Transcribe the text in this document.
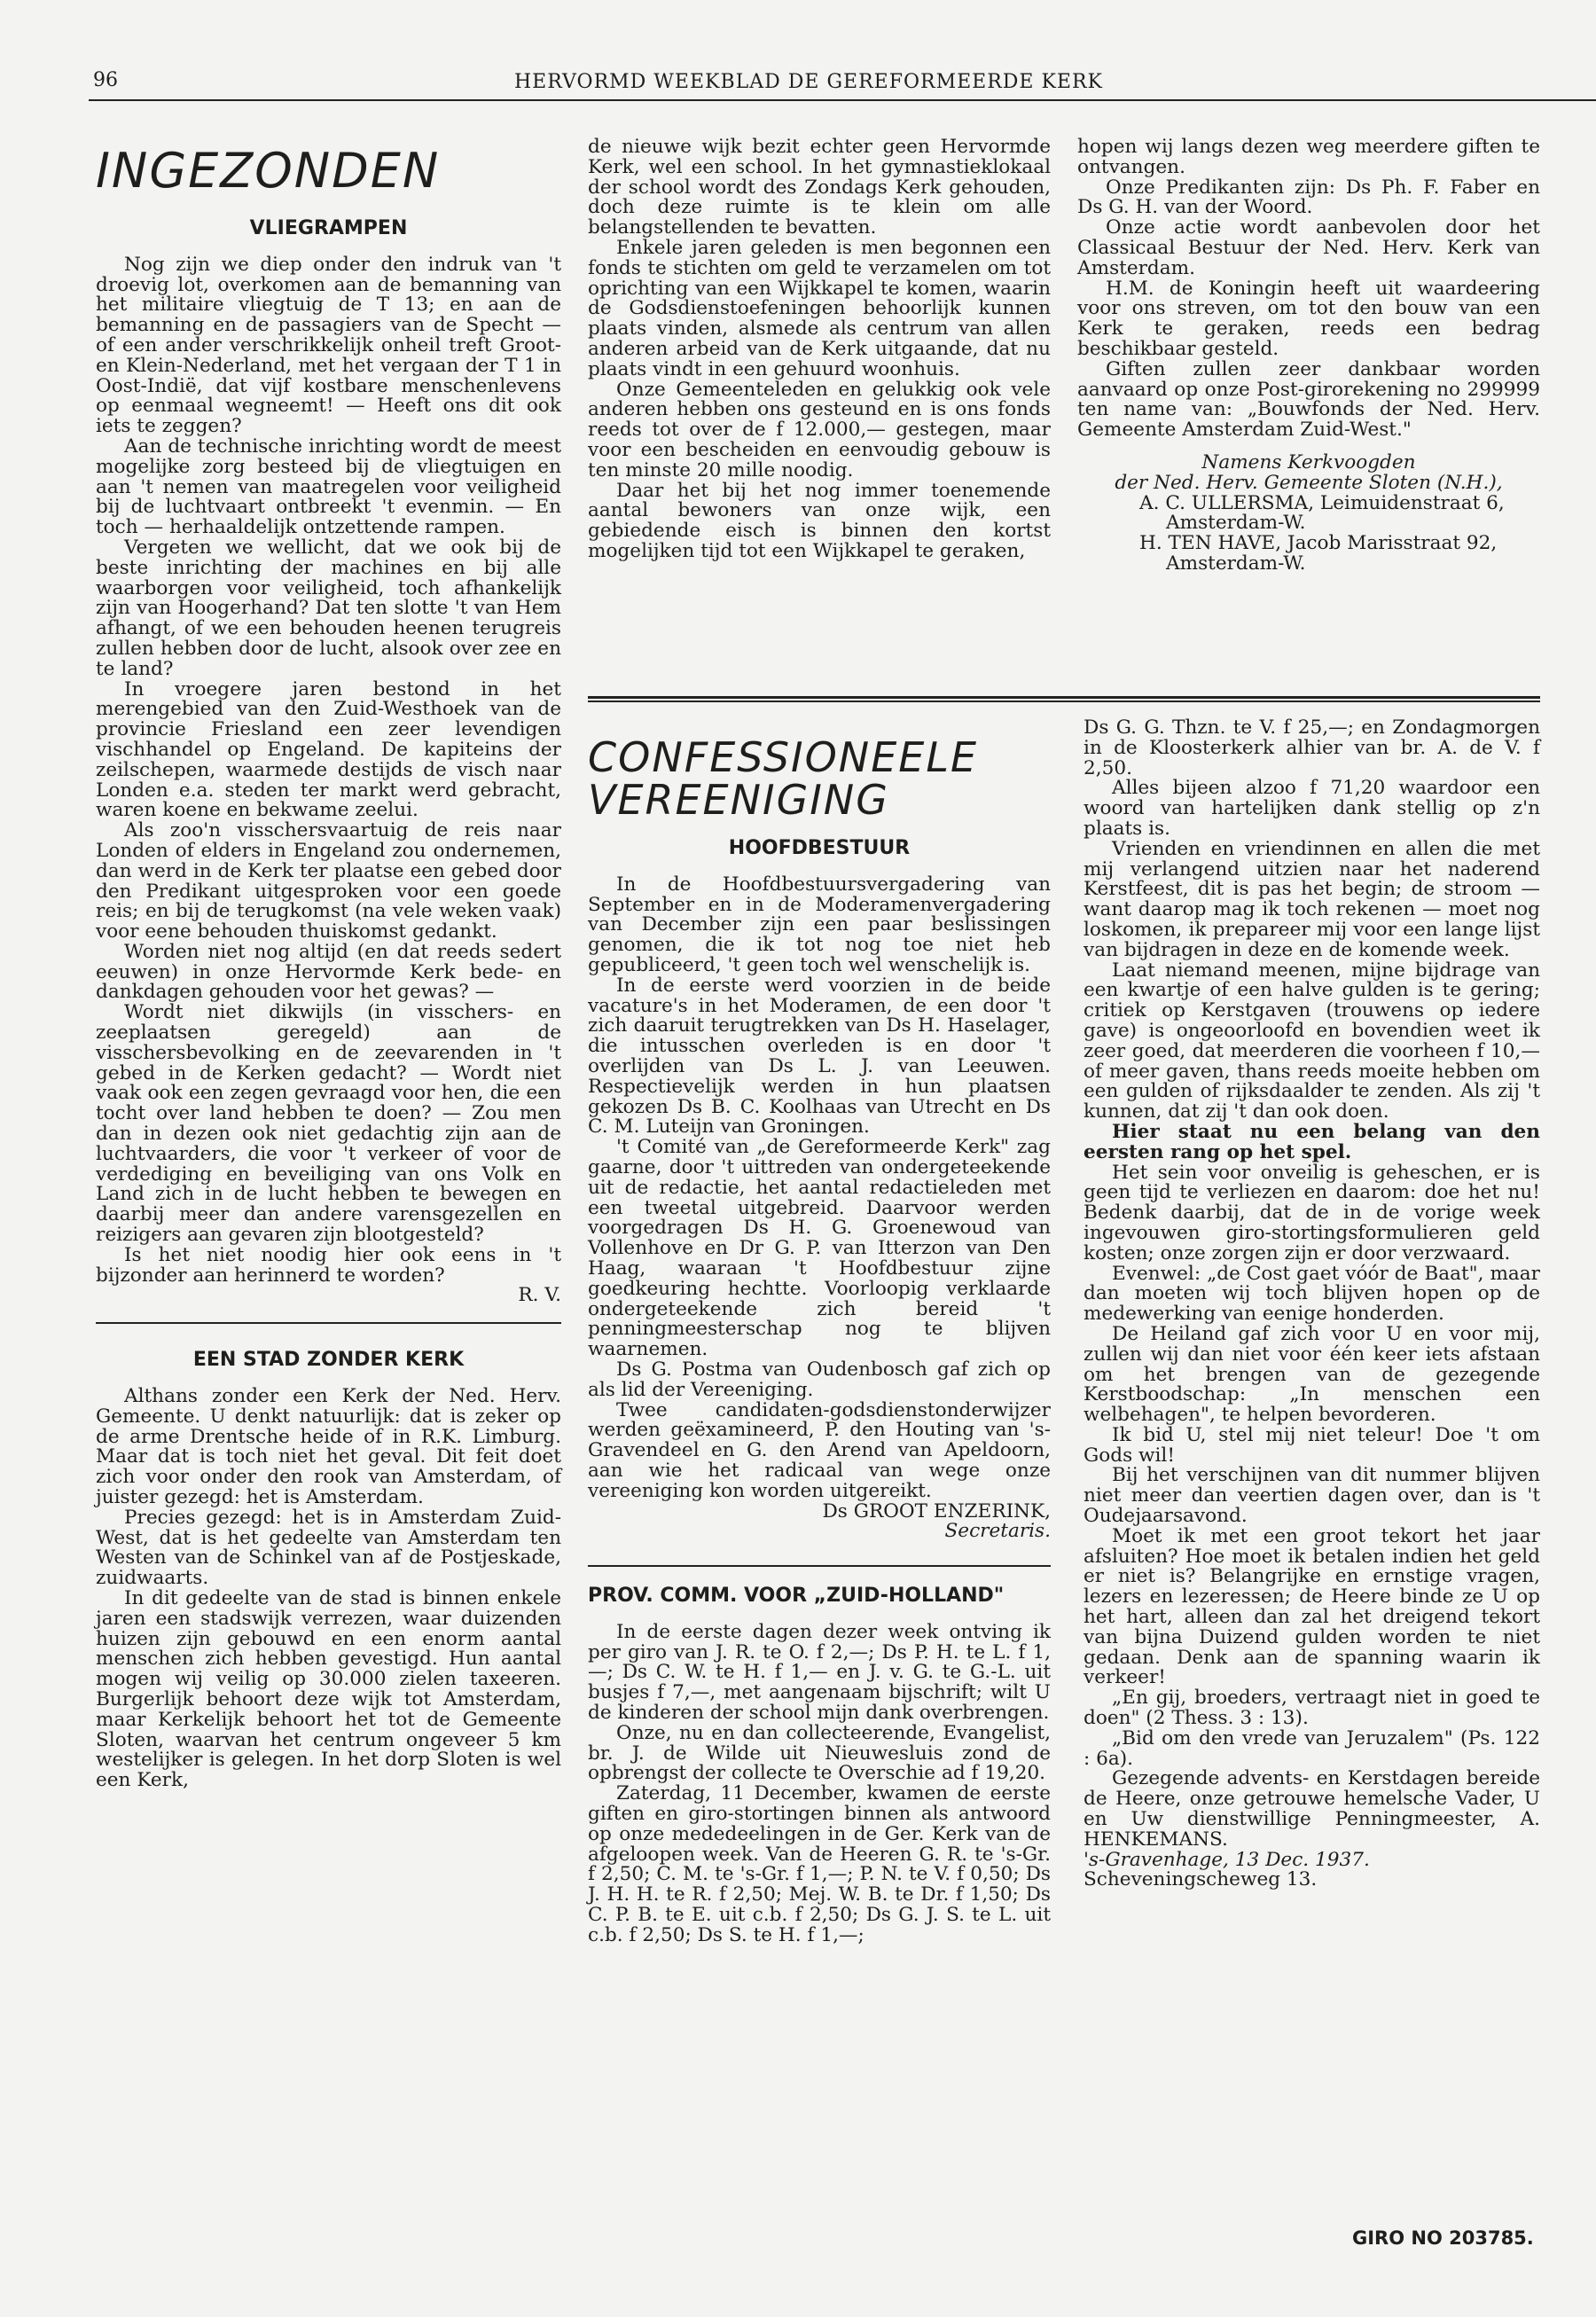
96	HERVORMD WEEKBLAD DE GEREFORMEERDE KERK
INGEZONDEN
VLIEGRAMPEN

Nog zijn we diep onder den indruk van 't droevig lot, overkomen aan de bemanning van het militaire vliegtuig de T 13; en aan de bemanning en de passagiers van de Specht — of een ander verschrikkelijk onheil treft Groot- en Klein-Nederland, met het vergaan der T 1 in Oost-Indië, dat vijf kostbare menschenlevens op eenmaal wegneemt! — Heeft ons dit ook iets te zeggen?

Aan de technische inrichting wordt de meest mogelijke zorg besteed bij de vliegtuigen en aan 't nemen van maatregelen voor veiligheid bij de luchtvaart ontbreekt 't evenmin. — En toch — herhaaldelijk ontzettende rampen.

Vergeten we wellicht, dat we ook bij de beste inrichting der machines en bij alle waarborgen voor veiligheid, toch afhankelijk zijn van Hoogerhand? Dat ten slotte 't van Hem afhangt, of we een behouden heenen terugreis zullen hebben door de lucht, alsook over zee en te land?

In vroegere jaren bestond in het merengebied van den Zuid-Westhoek van de provincie Friesland een zeer levendigen vischhandel op Engeland. De kapiteins der zeilschepen, waarmede destijds de visch naar Londen e.a. steden ter markt werd gebracht, waren koene en bekwame zeelui.

Als zoo'n visschersvaartuig de reis naar Londen of elders in Engeland zou ondernemen, dan werd in de Kerk ter plaatse een gebed door den Predikant uitgesproken voor een goede reis; en bij de terugkomst (na vele weken vaak) voor eene behouden thuiskomst gedankt.

Worden niet nog altijd (en dat reeds sedert eeuwen) in onze Hervormde Kerk bede- en dankdagen gehouden voor het gewas? —

Wordt niet dikwijls (in visschers- en zeeplaatsen geregeld) aan de visschersbevolking en de zeevarenden in 't gebed in de Kerken gedacht? — Wordt niet vaak ook een zegen gevraagd voor hen, die een tocht over land hebben te doen? — Zou men dan in dezen ook niet gedachtig zijn aan de luchtvaarders, die voor 't verkeer of voor de verdediging en beveiliging van ons Volk en Land zich in de lucht hebben te bewegen en daarbij meer dan andere varensgezellen en reizigers aan gevaren zijn blootgesteld?

Is het niet noodig hier ook eens in 't bijzonder aan herinnerd te worden?

R. V.

EEN STAD ZONDER KERK

Althans zonder een Kerk der Ned. Herv. Gemeente. U denkt natuurlijk: dat is zeker op de arme Drentsche heide of in R.K. Limburg. Maar dat is toch niet het geval. Dit feit doet zich voor onder den rook van Amsterdam, of juister gezegd: het is Amsterdam.

Precies gezegd: het is in Amsterdam Zuid-West, dat is het gedeelte van Amsterdam ten Westen van de Schinkel van af de Postjeskade, zuidwaarts.

In dit gedeelte van de stad is binnen enkele jaren een stadswijk verrezen, waar duizenden huizen zijn gebouwd en een enorm aantal menschen zich hebben gevestigd. Hun aantal mogen wij veilig op 30.000 zielen taxeeren. Burgerlijk behoort deze wijk tot Amsterdam, maar Kerkelijk behoort het tot de Gemeente Sloten, waarvan het centrum ongeveer 5 km westelijker is gelegen. In het dorp Sloten is wel een Kerk,

de nieuwe wijk bezit echter geen Hervormde Kerk, wel een school. In het gymnastieklokaal der school wordt des Zondags Kerk gehouden, doch deze ruimte is te klein om alle belangstellenden te bevatten.

Enkele jaren geleden is men begonnen een fonds te stichten om geld te verzamelen om tot oprichting van een Wijkkapel te komen, waarin de Godsdienstoefeningen behoorlijk kunnen plaats vinden, alsmede als centrum van allen anderen arbeid van de Kerk uitgaande, dat nu plaats vindt in een gehuurd woonhuis.

Onze Gemeenteleden en gelukkig ook vele anderen hebben ons gesteund en is ons fonds reeds tot over de f 12.000,— gestegen, maar voor een bescheiden en eenvoudig gebouw is ten minste 20 mille noodig.

Daar het bij het nog immer toenemende aantal bewoners van onze wijk, een gebiedende eisch is binnen den kortst mogelijken tijd tot een Wijkkapel te geraken,

hopen wij langs dezen weg meerdere giften te ontvangen.

Onze Predikanten zijn: Ds Ph. F. Faber en Ds G. H. van der Woord.

Onze actie wordt aanbevolen door het Classicaal Bestuur der Ned. Herv. Kerk van Amsterdam.

H.M. de Koningin heeft uit waardeering voor ons streven, om tot den bouw van een Kerk te geraken, reeds een bedrag beschikbaar gesteld.

Giften zullen zeer dankbaar worden aanvaard op onze Post-girorekening no 299999 ten name van: „Bouwfonds der Ned. Herv. Gemeente Amsterdam Zuid-West."

Namens Kerkvoogden
der Ned. Herv. Gemeente Sloten (N.H.),
A. C. ULLERSMA, Leimuidenstraat 6,
Amsterdam-W.
H. TEN HAVE, Jacob Marisstraat 92,
Amsterdam-W.
CONFESSIONEELE
VEREENIGING
HOOFDBESTUUR

In de Hoofdbestuursvergadering van September en in de Moderamenvergadering van December zijn een paar beslissingen genomen, die ik tot nog toe niet heb gepubliceerd, 't geen toch wel wenschelijk is.

In de eerste werd voorzien in de beide vacature's in het Moderamen, de een door 't zich daaruit terugtrekken van Ds H. Haselager, die intusschen overleden is en door 't overlijden van Ds L. J. van Leeuwen. Respectievelijk werden in hun plaatsen gekozen Ds B. C. Koolhaas van Utrecht en Ds C. M. Luteijn van Groningen.

't Comité van „de Gereformeerde Kerk" zag gaarne, door 't uittreden van ondergeteekende uit de redactie, het aantal redactieleden met een tweetal uitgebreid. Daarvoor werden voorgedragen Ds H. G. Groenewoud van Vollenhove en Dr G. P. van Itterzon van Den Haag, waaraan 't Hoofdbestuur zijne goedkeuring hechtte. Voorloopig verklaarde ondergeteekende zich bereid 't penningmeesterschap nog te blijven waarnemen.

Ds G. Postma van Oudenbosch gaf zich op als lid der Vereeniging.

Twee candidaten-godsdienstonderwijzer werden geëxamineerd, P. den Houting van 's-Gravendeel en G. den Arend van Apeldoorn, aan wie het radicaal van wege onze vereeniging kon worden uitgereikt.

Ds GROOT ENZERINK,

Secretaris.

PROV. COMM. VOOR „ZUID-HOLLAND"

In de eerste dagen dezer week ontving ik per giro van J. R. te O. f 2,—; Ds P. H. te L. f 1,—; Ds C. W. te H. f 1,— en J. v. G. te G.-L. uit busjes f 7,—, met aangenaam bijschrift; wilt U de kinderen der school mijn dank overbrengen.

Onze, nu en dan collecteerende, Evangelist, br. J. de Wilde uit Nieuwesluis zond de opbrengst der collecte te Overschie ad f 19,20.

Zaterdag, 11 December, kwamen de eerste giften en giro-stortingen binnen als antwoord op onze mededeelingen in de Ger. Kerk van de afgeloopen week. Van de Heeren G. R. te 's-Gr. f 2,50; C. M. te 's-Gr. f 1,—; P. N. te V. f 0,50; Ds J. H. H. te R. f 2,50; Mej. W. B. te Dr. f 1,50; Ds C. P. B. te E. uit c.b. f 2,50; Ds G. J. S. te L. uit c.b. f 2,50; Ds S. te H. f 1,—;

Ds G. G. Thzn. te V. f 25,—; en Zondagmorgen in de Kloosterkerk alhier van br. A. de V. f 2,50.

Alles bijeen alzoo f 71,20 waardoor een woord van hartelijken dank stellig op z'n plaats is.

Vrienden en vriendinnen en allen die met mij verlangend uitzien naar het naderend Kerstfeest, dit is pas het begin; de stroom — want daarop mag ik toch rekenen — moet nog loskomen, ik prepareer mij voor een lange lijst van bijdragen in deze en de komende week.

Laat niemand meenen, mijne bijdrage van een kwartje of een halve gulden is te gering; critiek op Kerstgaven (trouwens op iedere gave) is ongeoorloofd en bovendien weet ik zeer goed, dat meerderen die voorheen f 10,— of meer gaven, thans reeds moeite hebben om een gulden of rijksdaalder te zenden. Als zij 't kunnen, dat zij 't dan ook doen.

Hier staat nu een belang van den eersten rang op het spel.

Het sein voor onveilig is geheschen, er is geen tijd te verliezen en daarom: doe het nu! Bedenk daarbij, dat de in de vorige week ingevouwen giro-stortingsformulieren geld kosten; onze zorgen zijn er door verzwaard.

Evenwel: „de Cost gaet vóór de Baat", maar dan moeten wij toch blijven hopen op de medewerking van eenige honderden.

De Heiland gaf zich voor U en voor mij, zullen wij dan niet voor één keer iets afstaan om het brengen van de gezegende Kerstboodschap: „In menschen een welbehagen", te helpen bevorderen.

Ik bid U, stel mij niet teleur! Doe 't om Gods wil!

Bij het verschijnen van dit nummer blijven niet meer dan veertien dagen over, dan is 't Oudejaarsavond.

Moet ik met een groot tekort het jaar afsluiten? Hoe moet ik betalen indien het geld er niet is? Belangrijke en ernstige vragen, lezers en lezeressen; de Heere binde ze U op het hart, alleen dan zal het dreigend tekort van bijna Duizend gulden worden te niet gedaan. Denk aan de spanning waarin ik verkeer!

„En gij, broeders, vertraagt niet in goed te doen" (2 Thess. 3 : 13).

„Bid om den vrede van Jeruzalem" (Ps. 122 : 6a).

Gezegende advents- en Kerstdagen bereide de Heere, onze getrouwe hemelsche Vader, U en Uw dienstwillige Penningmeester, A. HENKEMANS.

's-Gravenhage, 13 Dec. 1937.

Scheveningscheweg 13.

GIRO NO 203785.
